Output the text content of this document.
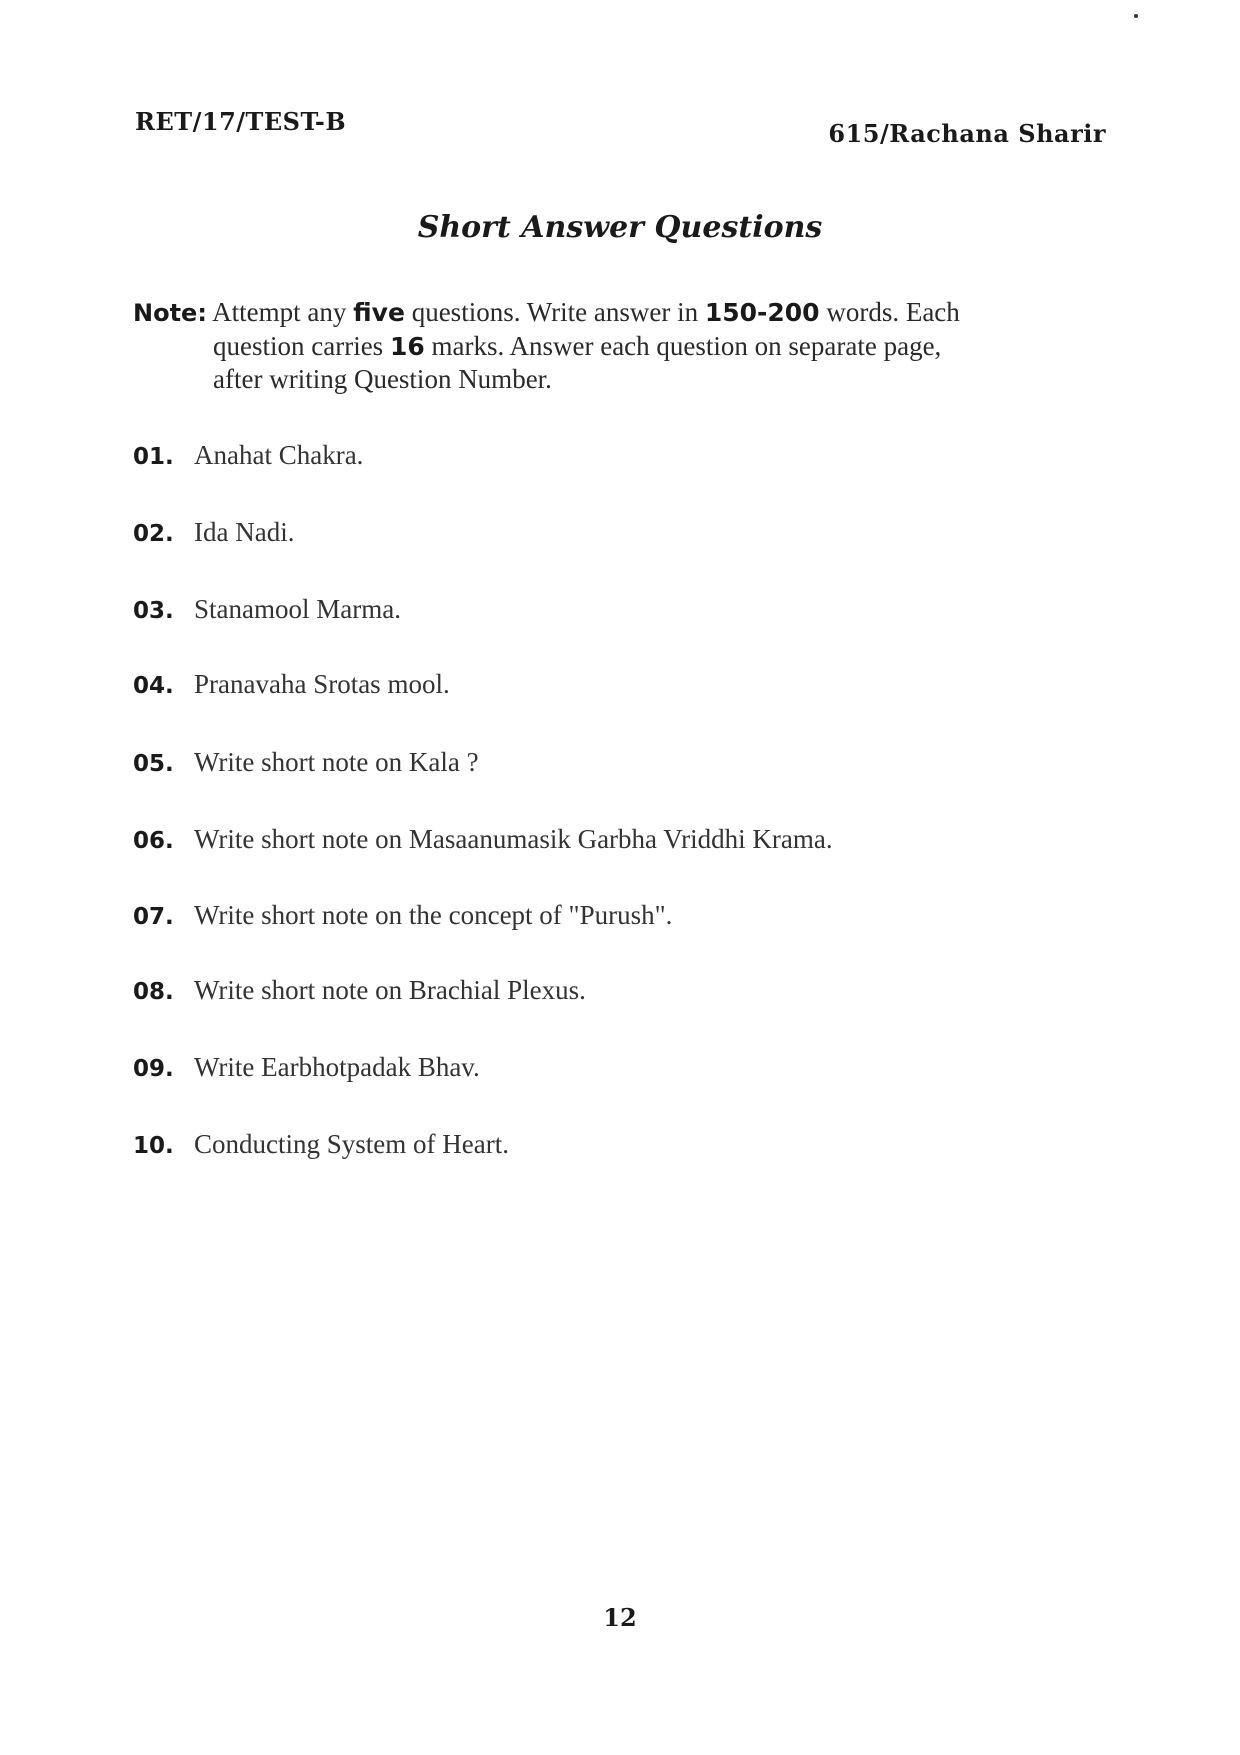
RET/17/TEST-B	615/Rachana Sharir
Short Answer Questions
Note: Attempt any five questions. Write answer in 150-200 words. Each
question carries 16 marks. Answer each question on separate page,
after writing Question Number.
01. Anahat Chakra.
02. Ida Nadi.
03. Stanamool Marma.
04. Pranavaha Srotas mool.
05. Write short note on Kala ?
06. Write short note on Masaanumasik Garbha Vriddhi Krama.
07. Write short note on the concept of "Purush".
08. Write short note on Brachial Plexus.
09. Write Earbhotpadak Bhav.
10. Conducting System of Heart.
12
